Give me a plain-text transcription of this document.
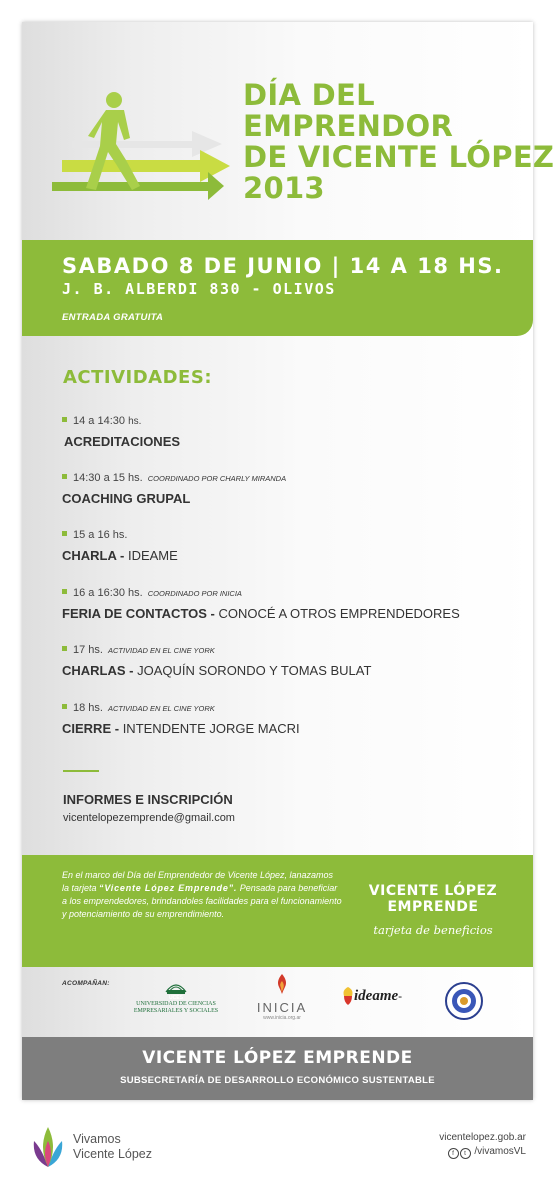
DÍA DEL
EMPRENDOR
DE VICENTE LÓPEZ
2013
SABADO 8 DE JUNIO | 14 A 18 HS.
J. B. ALBERDI 830 - OLIVOS
ENTRADA GRATUITA
ACTIVIDADES:
14 a 14:30 hs.
ACREDITACIONES
14:30 a 15 hs. COORDINADO POR CHARLY MIRANDA
COACHING GRUPAL
15 a 16 hs.
CHARLA - IDEAME
16 a 16:30 hs. COORDINADO POR INICIA
FERIA DE CONTACTOS - CONOCÉ A OTROS EMPRENDEDORES
17 hs. ACTIVIDAD EN EL CINE YORK
CHARLAS - JOAQUÍN SORONDO Y TOMAS BULAT
18 hs. ACTIVIDAD EN EL CINE YORK
CIERRE - INTENDENTE JORGE MACRI
INFORMES E INSCRIPCIÓN
vicentelopezemprende@gmail.com
En el marco del Día del Emprendedor de Vicente López, lanazamos la tarjeta “Vicente López Emprende”. Pensada para beneficiar a los emprendedores, brindandoles facilidades para el funcionamiento y potenciamiento de su emprendimiento.
VICENTE LÓPEZ
EMPRENDE
tarjeta de beneficios
ACOMPAÑAN:
UCES
UNIVERSIDAD DE CIENCIAS
EMPRESARIALES Y SOCIALES	INICIA
www.inicia.org.ar
ideame-
VICENTE LÓPEZ EMPRENDE
SUBSECRETARÍA DE DESARROLLO ECONÓMICO SUSTENTABLE
Vivamos
Vicente López
vicentelopez.gob.ar
f t /vivamosVL
